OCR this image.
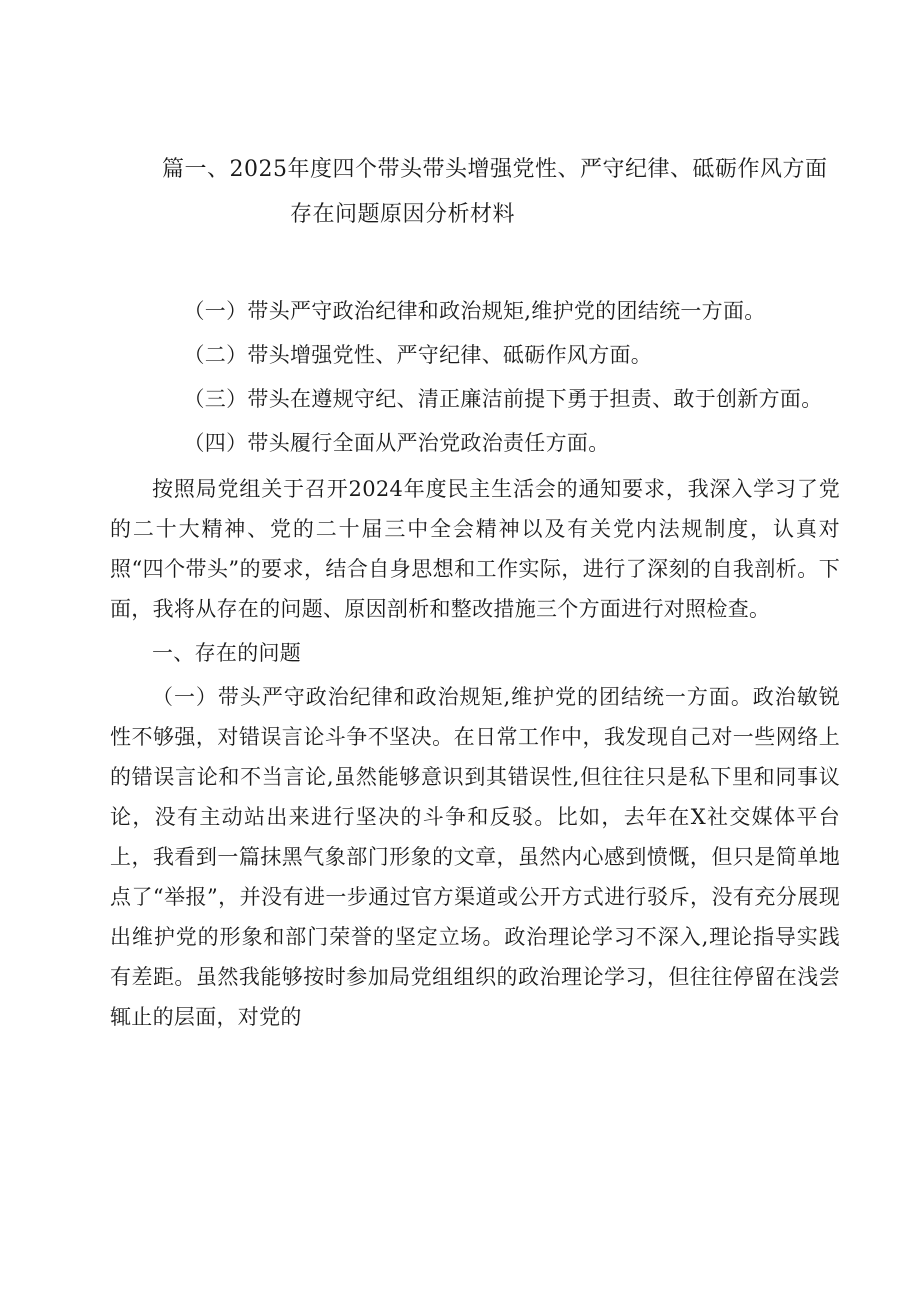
篇一、2025年度四个带头带头增强党性、严守纪律、砥砺作风方面
存在问题原因分析材料

（一）带头严守政治纪律和政治规矩,维护党的团结统一方面。

（二）带头增强党性、严守纪律、砥砺作风方面。

（三）带头在遵规守纪、清正廉洁前提下勇于担责、敢于创新方面。

（四）带头履行全面从严治党政治责任方面。

按照局党组关于召开2024年度民主生活会的通知要求，我深入学习了党的二十大精神、党的二十届三中全会精神以及有关党内法规制度，认真对照“四个带头”的要求，结合自身思想和工作实际，进行了深刻的自我剖析。下面，我将从存在的问题、原因剖析和整改措施三个方面进行对照检查。

一、存在的问题

（一）带头严守政治纪律和政治规矩,维护党的团结统一方面。政治敏锐性不够强，对错误言论斗争不坚决。在日常工作中，我发现自己对一些网络上的错误言论和不当言论,虽然能够意识到其错误性,但往往只是私下里和同事议论，没有主动站出来进行坚决的斗争和反驳。比如，去年在X社交媒体平台上，我看到一篇抹黑气象部门形象的文章，虽然内心感到愤慨，但只是简单地点了“举报”，并没有进一步通过官方渠道或公开方式进行驳斥，没有充分展现出维护党的形象和部门荣誉的坚定立场。政治理论学习不深入,理论指导实践有差距。虽然我能够按时参加局党组组织的政治理论学习，但往往停留在浅尝辄止的层面，对党的
